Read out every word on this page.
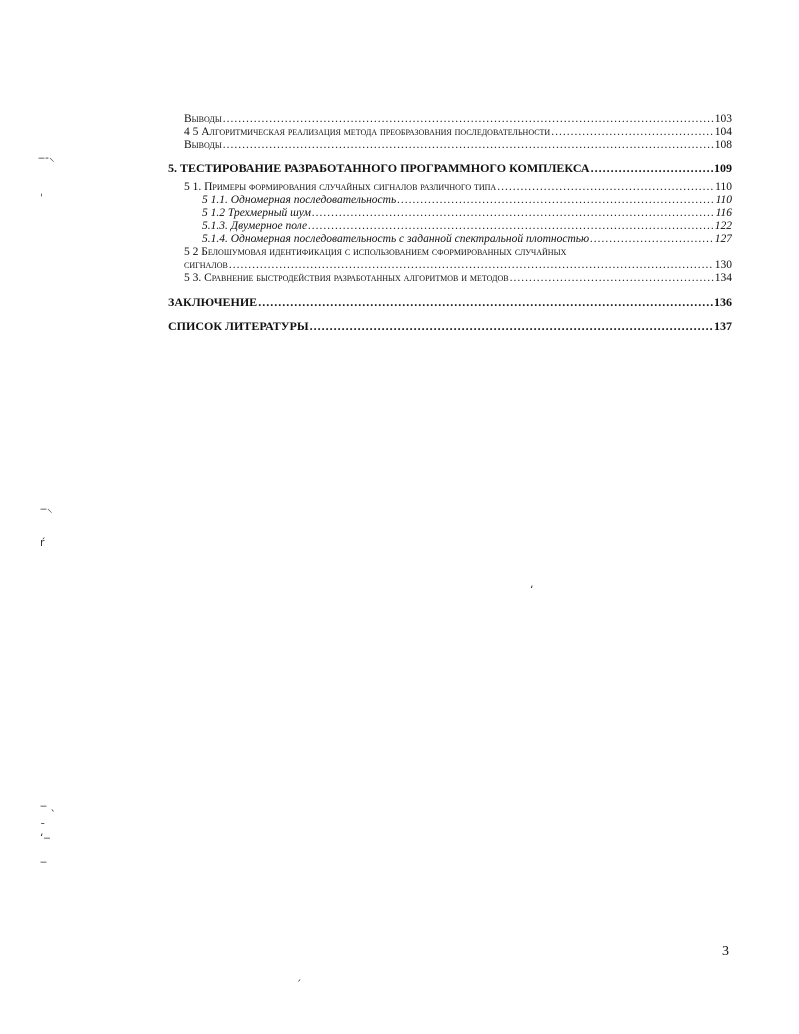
Выводы .....	103
4 5 Алгоритмическая реализация метода преобразования последовательности .....	104
Выводы .....	108
5. ТЕСТИРОВАНИЕ РАЗРАБОТАННОГО ПРОГРАММНОГО КОМПЛЕКСА .....	109
5 1. Примеры формирования случайных сигналов различного типа .....	110
5 1.1. Одномерная последовательность .....	110
5 1.2 Трехмерный шум .....	116
5.1.3. Двумерное поле .....	122
5.1.4. Одномерная последовательность с заданной спектральной плотностью .....	127
5 2 Белошумовая идентификация с использованием сформированных случайных
сигналов .....	130
5 3. Сравнение быстродействия разработанных алгоритмов и методов .....	134
ЗАКЛЮЧЕНИЕ .....	136
СПИСОК ЛИТЕРАТУРЫ .....	137
3
‒‐⸜
ˌ
‒⸜
ŕ
ʻ
‒ ˎ
ˉ
ʻ‒
‒
ˏ
